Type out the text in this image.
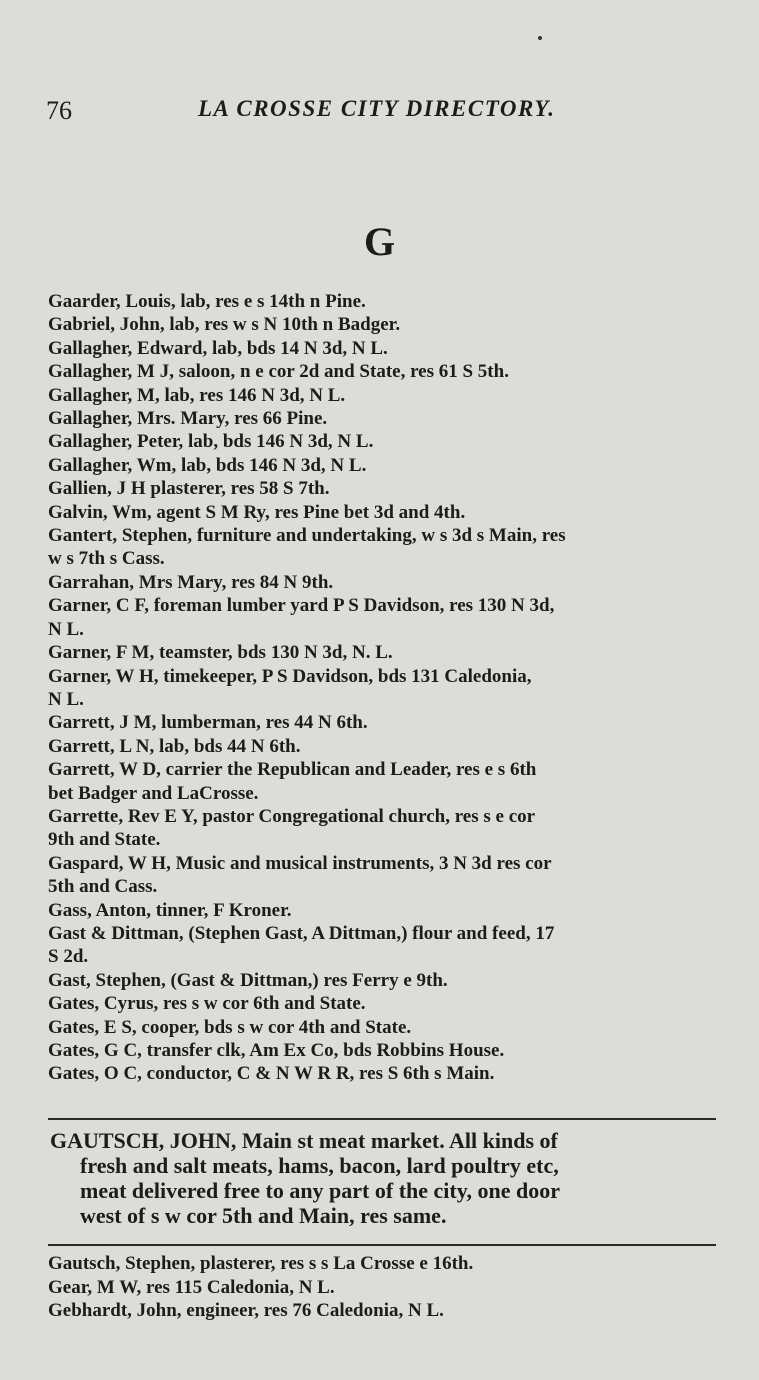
76	LA CROSSE CITY DIRECTORY.
G
Gaarder, Louis, lab, res e s 14th n Pine.
Gabriel, John, lab, res w s N 10th n Badger.
Gallagher, Edward, lab, bds 14 N 3d, N L.
Gallagher, M J, saloon, n e cor 2d and State, res 61 S 5th.
Gallagher, M, lab, res 146 N 3d, N L.
Gallagher, Mrs. Mary, res 66 Pine.
Gallagher, Peter, lab, bds 146 N 3d, N L.
Gallagher, Wm, lab, bds 146 N 3d, N L.
Gallien, J H plasterer, res 58 S 7th.
Galvin, Wm, agent S M Ry, res Pine bet 3d and 4th.
Gantert, Stephen, furniture and undertaking, w s 3d s Main, res
w s 7th s Cass.
Garrahan, Mrs Mary, res 84 N 9th.
Garner, C F, foreman lumber yard P S Davidson, res 130 N 3d,
N L.
Garner, F M, teamster, bds 130 N 3d, N. L.
Garner, W H, timekeeper, P S Davidson, bds 131 Caledonia,
N L.
Garrett, J M, lumberman, res 44 N 6th.
Garrett, L N, lab, bds 44 N 6th.
Garrett, W D, carrier the Republican and Leader, res e s 6th
bet Badger and LaCrosse.
Garrette, Rev E Y, pastor Congregational church, res s e cor
9th and State.
Gaspard, W H, Music and musical instruments, 3 N 3d res cor
5th and Cass.
Gass, Anton, tinner, F Kroner.
Gast & Dittman, (Stephen Gast, A Dittman,) flour and feed, 17
S 2d.
Gast, Stephen, (Gast & Dittman,) res Ferry e 9th.
Gates, Cyrus, res s w cor 6th and State.
Gates, E S, cooper, bds s w cor 4th and State.
Gates, G C, transfer clk, Am Ex Co, bds Robbins House.
Gates, O C, conductor, C & N W R R, res S 6th s Main.
GAUTSCH, JOHN, Main st meat market. All kinds of
fresh and salt meats, hams, bacon, lard poultry etc,
meat delivered free to any part of the city, one door
west of s w cor 5th and Main, res same.
Gautsch, Stephen, plasterer, res s s La Crosse e 16th.
Gear, M W, res 115 Caledonia, N L.
Gebhardt, John, engineer, res 76 Caledonia, N L.
